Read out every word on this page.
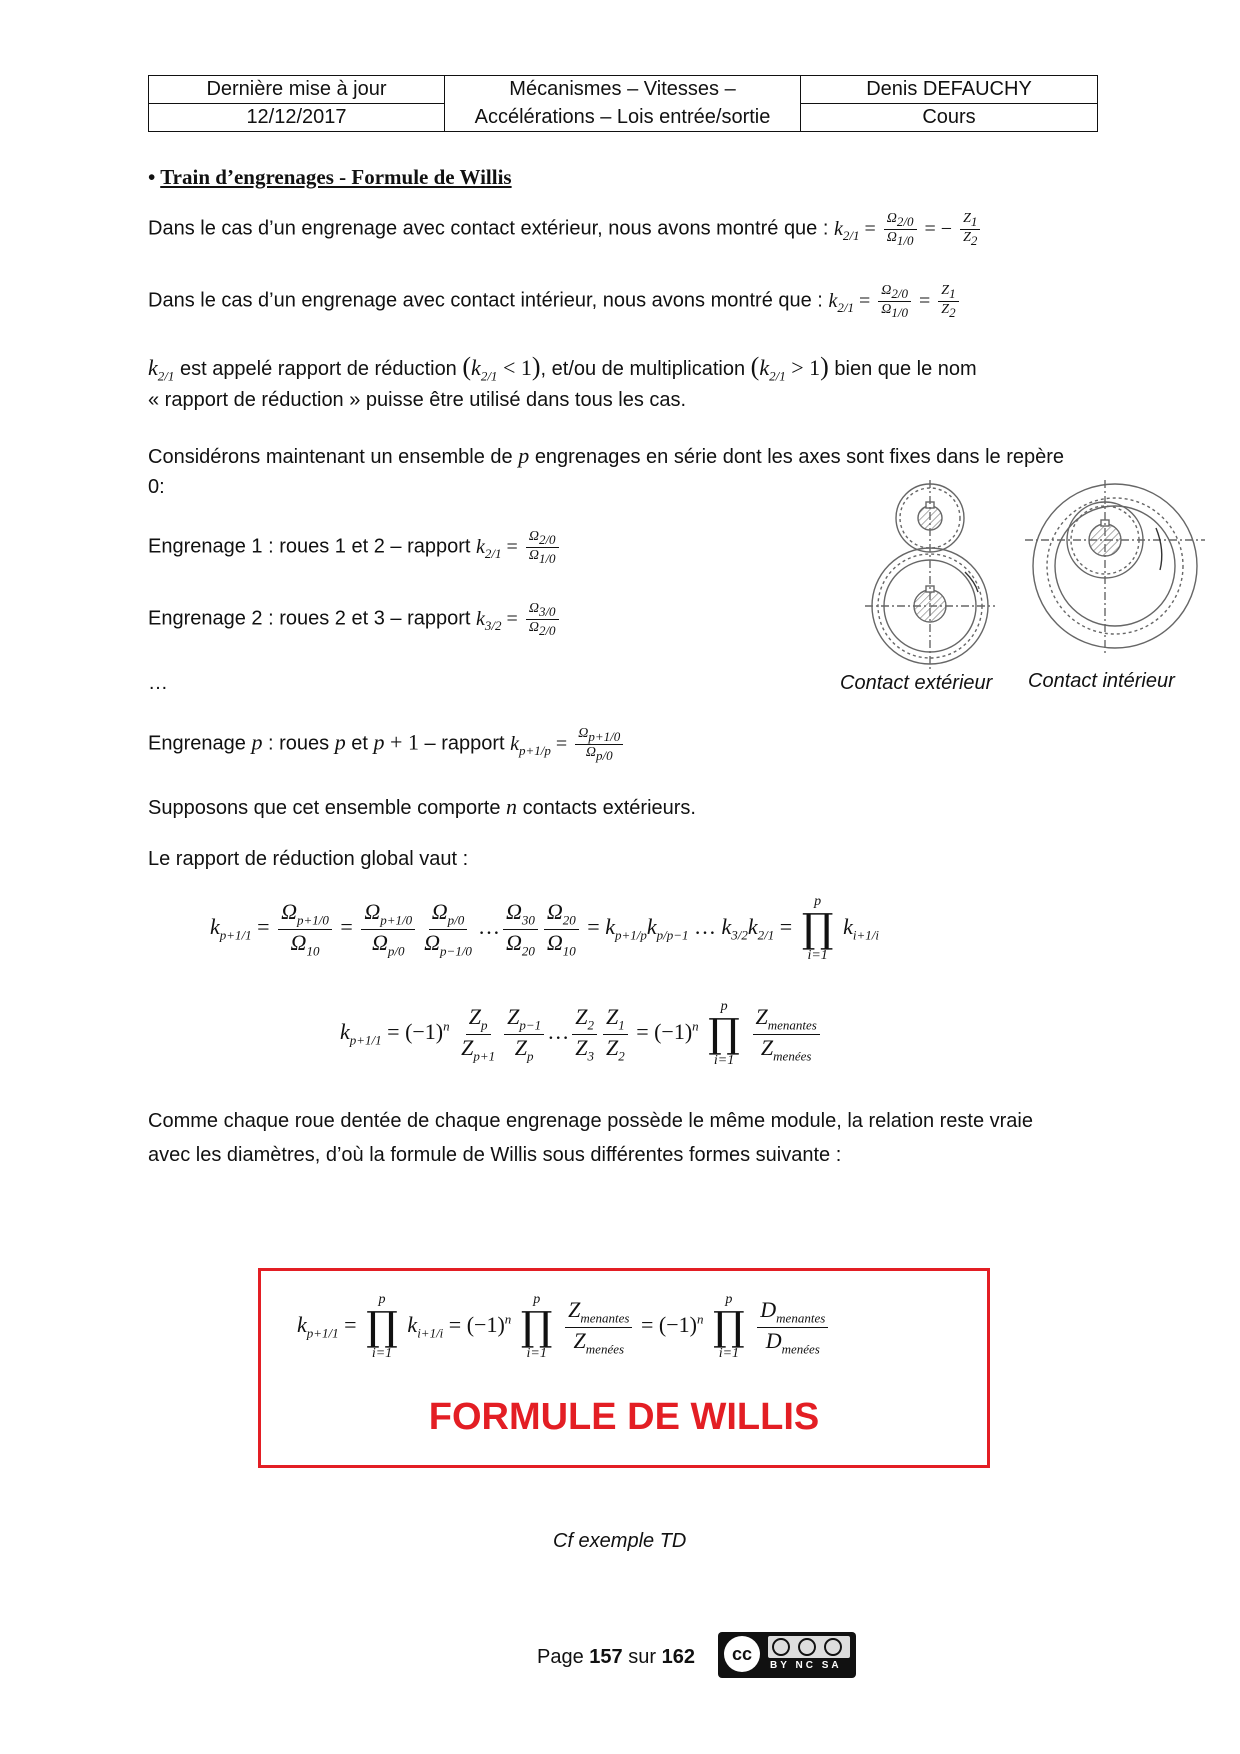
Dernière mise à jour	Mécanismes – Vitesses –	Denis DEFAUCHY
12/12/2017	Accélérations – Lois entrée/sortie	Cours
• Train d’engrenages - Formule de Willis
Dans le cas d’un engrenage avec contact extérieur, nous avons montré que : $k_{2/1} = \frac{\Omega_{2/0}}{\Omega_{1/0}}$ = − $\frac{Z_1}{Z_2}$
Dans le cas d’un engrenage avec contact intérieur, nous avons montré que : $k_{2/1} = \frac{\Omega_{2/0}}{\Omega_{1/0}} = \frac{Z_1}{Z_2}$
$k_{2/1}$ est appelé rapport de réduction $(k_{2/1} < 1)$, et/ou de multiplication $(k_{2/1} > 1)$ bien que le nom
« rapport de réduction » puisse être utilisé dans tous les cas.
Considérons maintenant un ensemble de p engrenages en série dont les axes sont fixes dans le repère
0:
Engrenage 1 : roues 1 et 2 – rapport $k_{2/1} = \frac{\Omega_{2/0}}{\Omega_{1/0}}$
Engrenage 2 : roues 2 et 3 – rapport $k_{3/2} = \frac{\Omega_{3/0}}{\Omega_{2/0}}$
…
Engrenage p : roues p et p + 1 – rapport $k_{p+1/p} = \frac{\Omega_{p+1/0}}{\Omega_{p/0}}$
Contact extérieur Contact intérieur
Supposons que cet ensemble comporte n contacts extérieurs.
Le rapport de réduction global vaut :
$k_{p+1/1} = \frac{\Omega_{p+1/0}}{\Omega_{10}} = \frac{\Omega_{p+1/0}}{\Omega_{p/0}} \frac{\Omega_{p/0}}{\Omega_{p-1/0}}$ … $\frac{\Omega_{30}}{\Omega_{20}} \frac{\Omega_{20}}{\Omega_{10}} = k_{p+1/p}k_{p/p-1}$ … $k_{3/2}k_{2/1}$ =
p
∏
i=1
$k_{i+1/i}$
$k_{p+1/1} = (-1)^n \frac{Z_p}{Z_{p+1}} \frac{Z_{p-1}}{Z_p}$ … $\frac{Z_2}{Z_3} \frac{Z_1}{Z_2} = (-1)^n$
p
∏
i=1
$\frac{Z_{menantes}}{Z_{menées}}$
Comme chaque roue dentée de chaque engrenage possède le même module, la relation reste vraie
avec les diamètres, d’où la formule de Willis sous différentes formes suivante :
$k_{p+1/1}$ =
p
∏
i=1
$k_{i+1/i} = (-1)^n$
p
∏
i=1
$\frac{Z_{menantes}}{Z_{menées}} = (-1)^n$
p
∏
i=1
$\frac{D_{menantes}}{D_{menées}}$
FORMULE DE WILLIS
Cf exemple TD
Page 157 sur 162	cc
BY NC SA
